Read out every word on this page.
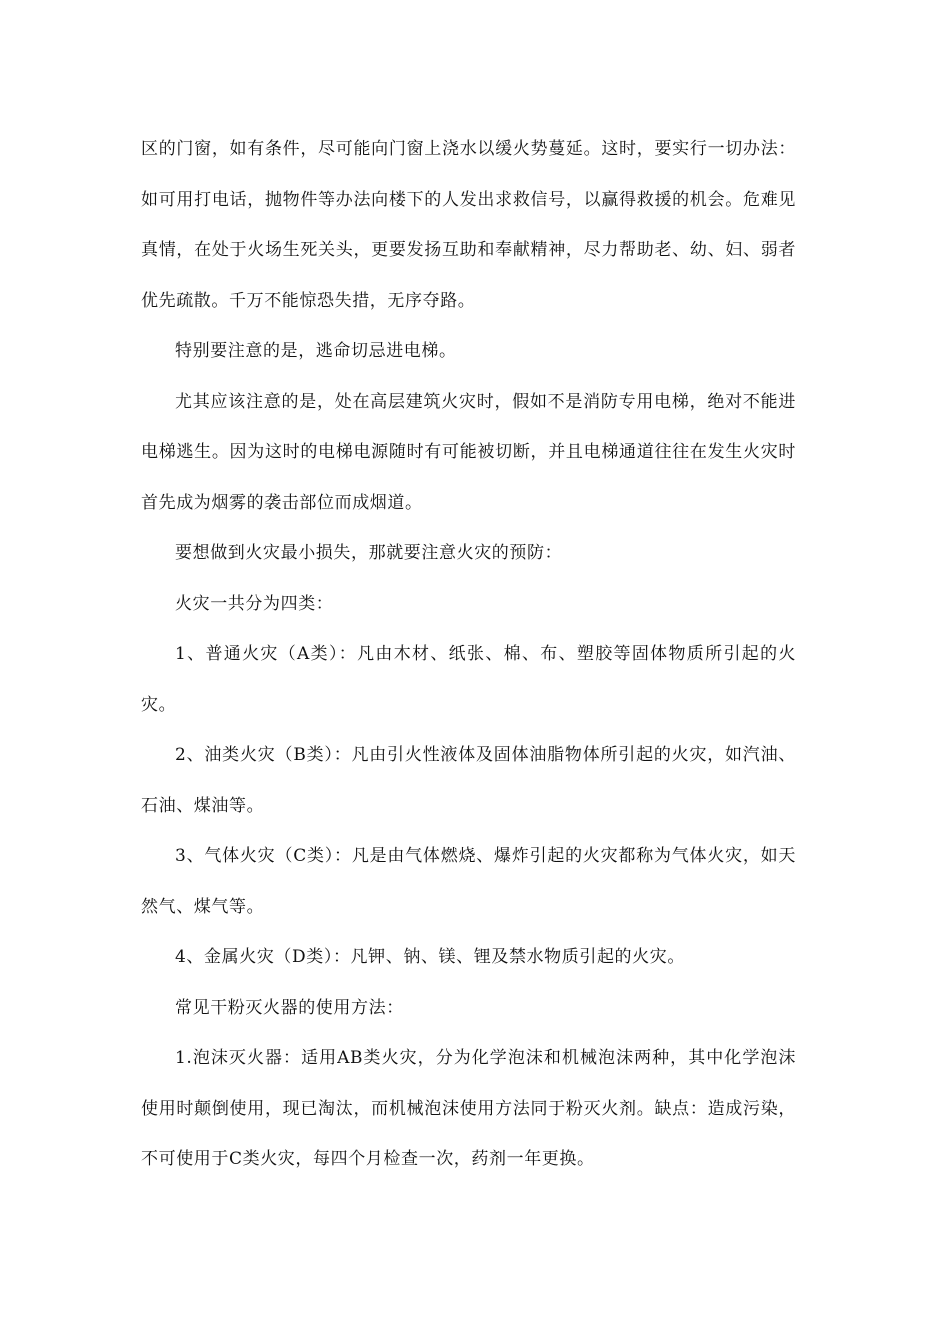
区的门窗，如有条件，尽可能向门窗上浇水以缓火势蔓延。这时，要实行一切办法：如可用打电话，抛物件等办法向楼下的人发出求救信号，以赢得救援的机会。危难见真情，在处于火场生死关头，更要发扬互助和奉献精神，尽力帮助老、幼、妇、弱者优先疏散。千万不能惊恐失措，无序夺路。

特别要注意的是，逃命切忌进电梯。

尤其应该注意的是，处在高层建筑火灾时，假如不是消防专用电梯，绝对不能进电梯逃生。因为这时的电梯电源随时有可能被切断，并且电梯通道往往在发生火灾时首先成为烟雾的袭击部位而成烟道。

要想做到火灾最小损失，那就要注意火灾的预防：

火灾一共分为四类：

1、普通火灾（A类）：凡由木材、纸张、棉、布、塑胶等固体物质所引起的火灾。

2、油类火灾（B类）：凡由引火性液体及固体油脂物体所引起的火灾，如汽油、石油、煤油等。

3、气体火灾（C类）：凡是由气体燃烧、爆炸引起的火灾都称为气体火灾，如天然气、煤气等。

4、金属火灾（D类）：凡钾、钠、镁、锂及禁水物质引起的火灾。

常见干粉灭火器的使用方法：

1.泡沫灭火器：适用AB类火灾，分为化学泡沫和机械泡沫两种，其中化学泡沫使用时颠倒使用，现已淘汰，而机械泡沫使用方法同于粉灭火剂。缺点：造成污染，不可使用于C类火灾，每四个月检查一次，药剂一年更换。
